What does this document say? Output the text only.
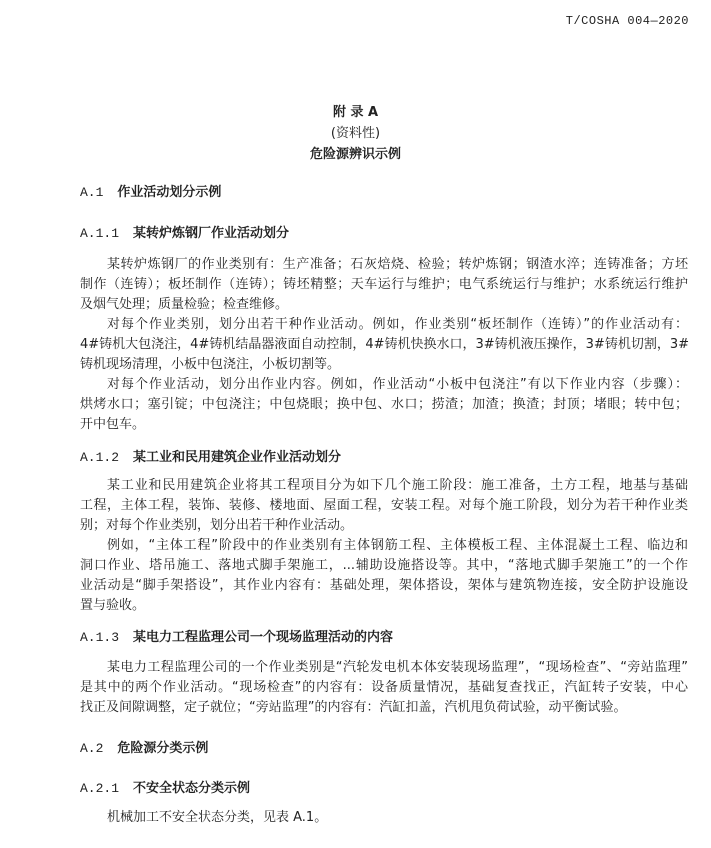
T/COSHA 004—2020
附 录 A
(资料性)
危险源辨识示例
A.1 作业活动划分示例
A.1.1 某转炉炼钢厂作业活动划分
某转炉炼钢厂的作业类别有：生产准备；石灰焙烧、检验；转炉炼钢；钢渣水淬；连铸准备；方坯
制作（连铸）；板坯制作（连铸）；铸坯精整；天车运行与维护；电气系统运行与维护；水系统运行维护
及烟气处理；质量检验；检查维修。
对每个作业类别，划分出若干种作业活动。例如，作业类别“板坯制作（连铸）”的作业活动有：
4#铸机大包浇注，4#铸机结晶器液面自动控制，4#铸机快换水口，3#铸机液压操作，3#铸机切割，3#
铸机现场清理，小板中包浇注，小板切割等。
对每个作业活动，划分出作业内容。例如，作业活动“小板中包浇注”有以下作业内容（步骤）：
烘烤水口；塞引锭；中包浇注；中包烧眼；换中包、水口；捞渣；加渣；换渣；封顶；堵眼；转中包；
开中包车。
A.1.2 某工业和民用建筑企业作业活动划分
某工业和民用建筑企业将其工程项目分为如下几个施工阶段：施工准备，土方工程，地基与基础
工程，主体工程，装饰、装修、楼地面、屋面工程，安装工程。对每个施工阶段，划分为若干种作业类
别；对每个作业类别，划分出若干种作业活动。
例如，“主体工程”阶段中的作业类别有主体钢筋工程、主体模板工程、主体混凝土工程、临边和
洞口作业、塔吊施工、落地式脚手架施工，...辅助设施搭设等。其中，“落地式脚手架施工”的一个作
业活动是“脚手架搭设”，其作业内容有：基础处理，架体搭设，架体与建筑物连接，安全防护设施设
置与验收。
A.1.3 某电力工程监理公司一个现场监理活动的内容
某电力工程监理公司的一个作业类别是“汽轮发电机本体安装现场监理”，“现场检查”、“旁站监理”
是其中的两个作业活动。“现场检查”的内容有：设备质量情况，基础复查找正，汽缸转子安装，中心
找正及间隙调整，定子就位；“旁站监理”的内容有：汽缸扣盖，汽机甩负荷试验，动平衡试验。
A.2 危险源分类示例
A.2.1 不安全状态分类示例
机械加工不安全状态分类，见表 A.1。
